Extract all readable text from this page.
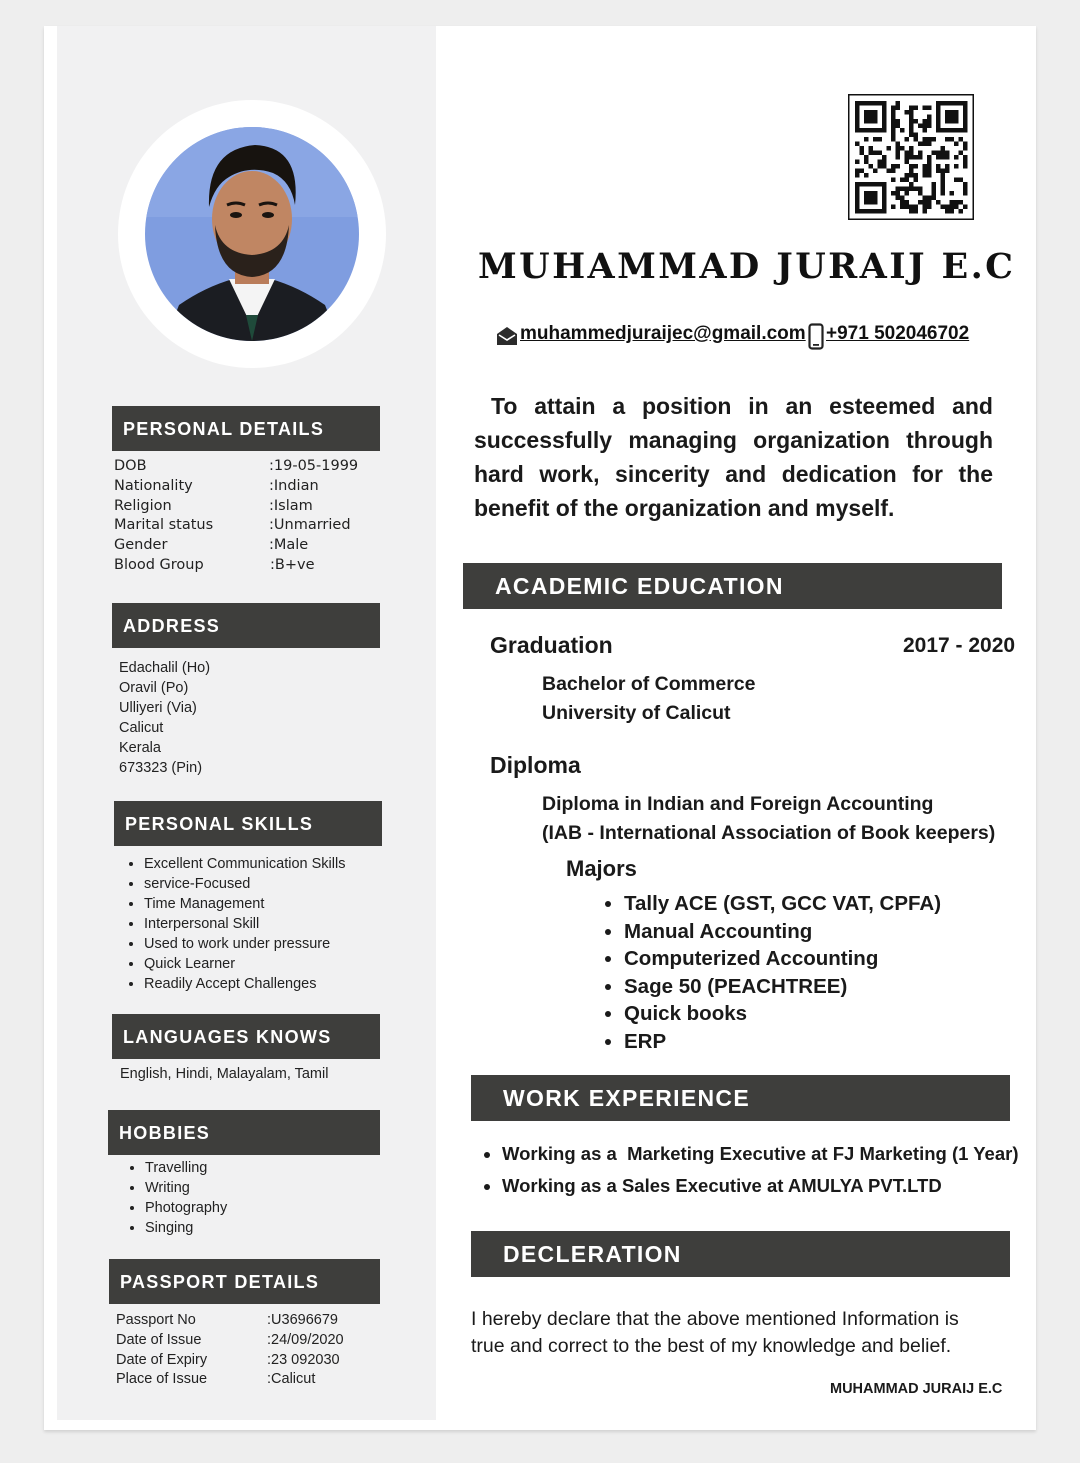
PERSONAL DETAILS
DOB	:19-05-1999
Nationality	:Indian
Religion	:Islam
Marital status	:Unmarried
Gender	:Male
Blood Group	:B+ve
ADDRESS
Edachalil (Ho)
Oravil (Po)
Ulliyeri (Via)
Calicut
Kerala
673323 (Pin)
PERSONAL SKILLS
• Excellent Communication Skills
• service-Focused
• Time Management
• Interpersonal Skill
• Used to work under pressure
• Quick Learner
• Readily Accept Challenges
LANGUAGES KNOWS
English, Hindi, Malayalam, Tamil
HOBBIES
• Travelling
• Writing
• Photography
• Singing
PASSPORT DETAILS
Passport No	:U3696679
Date of Issue	:24/09/2020
Date of Expiry	:23 092030
Place of Issue	:Calicut
MUHAMMAD JURAIJ E.C
muhammedjuraijec@gmail.com +971 502046702
To attain a position in an esteemed and successfully managing organization through hard work, sincerity and dedication for the benefit of the organization and myself.
ACADEMIC EDUCATION
Graduation	2017 - 2020
Bachelor of Commerce
University of Calicut
Diploma
Diploma in Indian and Foreign Accounting
(IAB - International Association of Book keepers)
Majors
• Tally ACE (GST, GCC VAT, CPFA)
• Manual Accounting
• Computerized Accounting
• Sage 50 (PEACHTREE)
• Quick books
• ERP
WORK EXPERIENCE
• Working as a  Marketing Executive at FJ Marketing (1 Year)
• Working as a Sales Executive at AMULYA PVT.LTD
DECLERATION
I hereby declare that the above mentioned Information is
true and correct to the best of my knowledge and belief.
MUHAMMAD JURAIJ E.C
